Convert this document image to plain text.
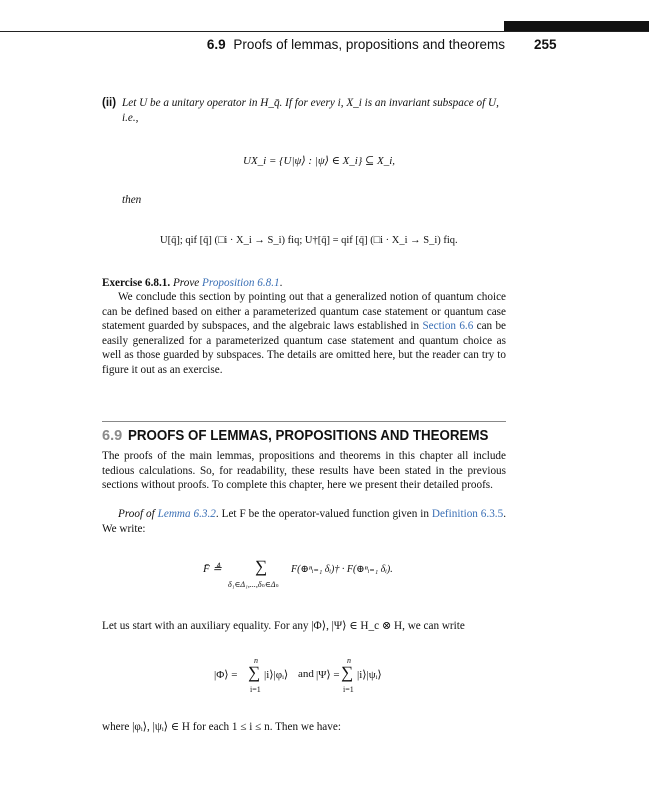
6.9 Proofs of lemmas, propositions and theorems 255
(ii) Let U be a unitary operator in H_q̄. If for every i, X_i is an invariant subspace of U, i.e.,
UX_i = {U|ψ⟩ : |ψ⟩ ∈ X_i} ⊆ X_i,
then
U[q̄]; qif [q̄] (□i · X_i → S_i) fiq; U†[q̄] = qif [q̄] (□i · X_i → S_i) fiq.
Exercise 6.8.1. Prove Proposition 6.8.1.
We conclude this section by pointing out that a generalized notion of quantum choice can be defined based on either a parameterized quantum case statement or quantum case statement guarded by subspaces, and the algebraic laws established in Section 6.6 can be easily generalized for a parameterized quantum case statement and quantum choice as well as those guarded by subspaces. The details are omitted here, but the reader can try to figure it out as an exercise.
6.9 PROOFS OF LEMMAS, PROPOSITIONS AND THEOREMS
The proofs of the main lemmas, propositions and theorems in this chapter all include tedious calculations. So, for readability, these results have been stated in the previous sections without proofs. To complete this chapter, here we present their detailed proofs.
Proof of Lemma 6.3.2. Let F be the operator-valued function given in Definition 6.3.5. We write:
F̄ ≜ ∑
δ₁∈Δ₁,...,δₙ∈Δₙ
F(⊕ⁿᵢ₌₁ δᵢ)† · F(⊕ⁿᵢ₌₁ δᵢ).
Let us start with an auxiliary equality. For any |Φ⟩, |Ψ⟩ ∈ H_c ⊗ H, we can write
n
|Φ⟩ = ∑
i=1
|i⟩|φᵢ⟩ and
n
|Ψ⟩ = ∑
i=1
|i⟩|ψᵢ⟩
where |φᵢ⟩, |ψᵢ⟩ ∈ H for each 1 ≤ i ≤ n. Then we have:
